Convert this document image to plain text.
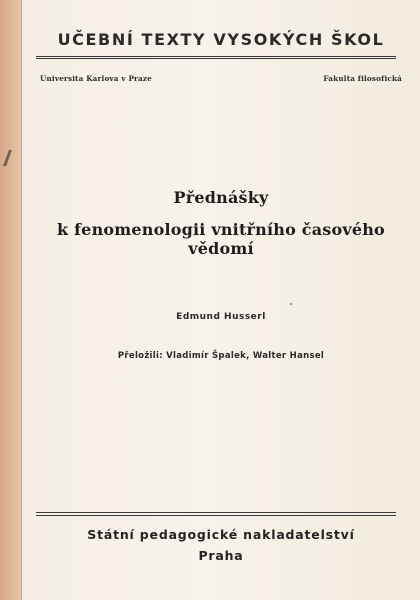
UČEBNÍ TEXTY VYSOKÝCH ŠKOL
Universita Karlova v Praze	Fakulta filosofická
Přednášky
k fenomenologii vnitřního časového vědomí
Edmund Husserl
Přeložili: Vladimír Špalek, Walter Hansel
Státní pedagogické nakladatelství
Praha
